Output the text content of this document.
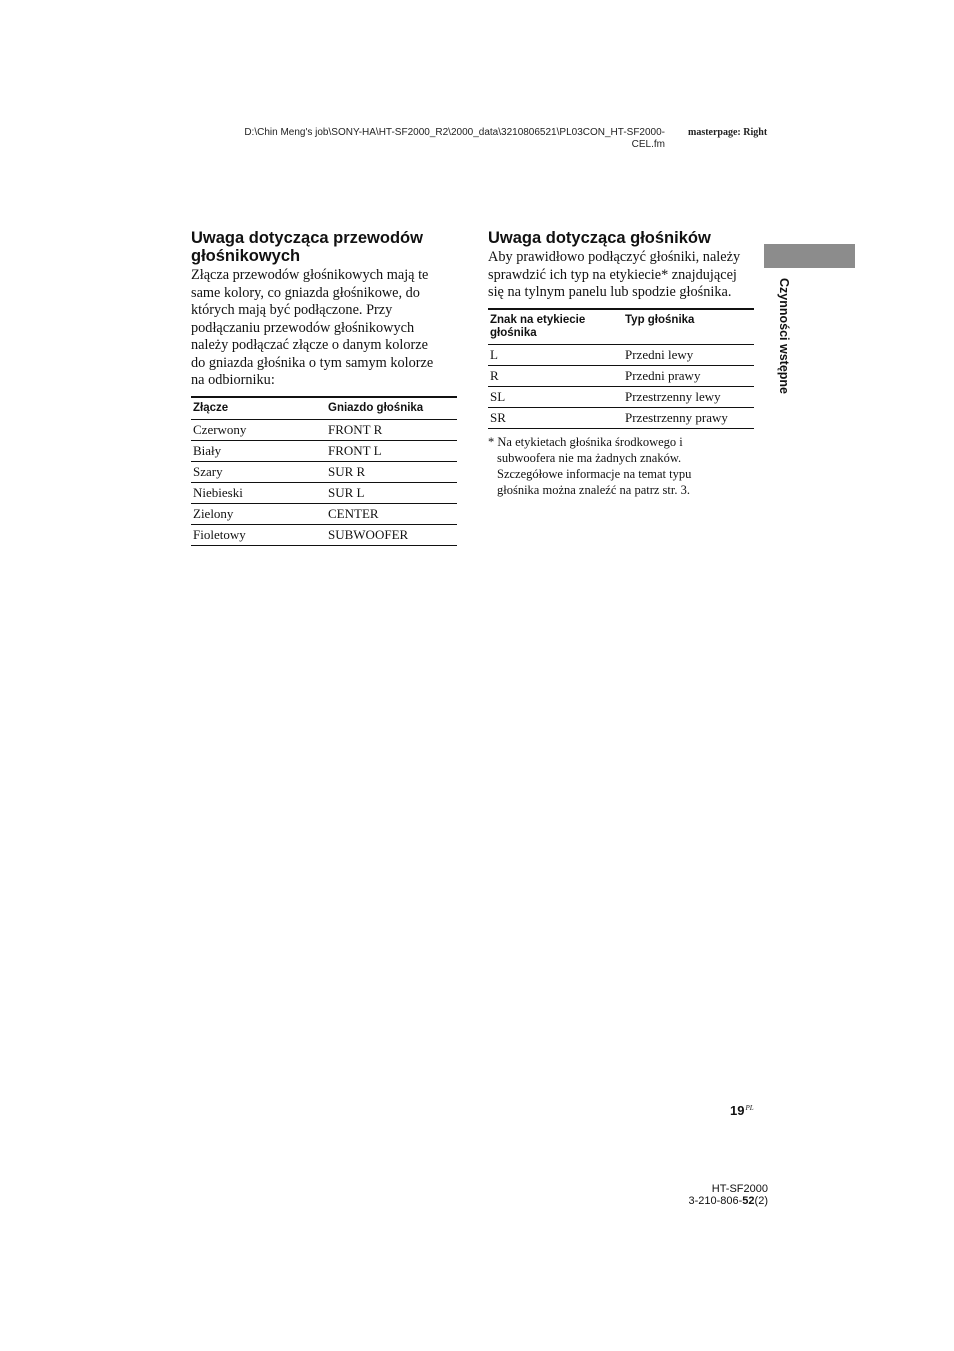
D:\Chin Meng's job\SONY-HA\HT-SF2000_R2\2000_data\3210806521\PL03CON_HT-SF2000-
CEL.fm
masterpage: Right
Uwaga dotycząca przewodów
głośnikowych

Złącza przewodów głośnikowych mają te
same kolory, co gniazda głośnikowe, do
których mają być podłączone. Przy
podłączaniu przewodów głośnikowych
należy podłączać złącze o danym kolorze
do gniazda głośnika o tym samym kolorze
na odbiorniku:

Złącze	Gniazdo głośnika
Czerwony	FRONT R
Biały	FRONT L
Szary	SUR R
Niebieski	SUR L
Zielony	CENTER
Fioletowy	SUBWOOFER
Uwaga dotycząca głośników

Aby prawidłowo podłączyć głośniki, należy
sprawdzić ich typ na etykiecie* znajdującej
się na tylnym panelu lub spodzie głośnika.

Znak na etykiecie
głośnika	Typ głośnika
L	Przedni lewy
R	Przedni prawy
SL	Przestrzenny lewy
SR	Przestrzenny prawy
* Na etykietach głośnika środkowego i
subwoofera nie ma żadnych znaków.
Szczegółowe informacje na temat typu
głośnika można znaleźć na patrz str. 3.
Czynności wstępne
$19^{PL}$
HT-SF2000
3-210-806-52(2)
